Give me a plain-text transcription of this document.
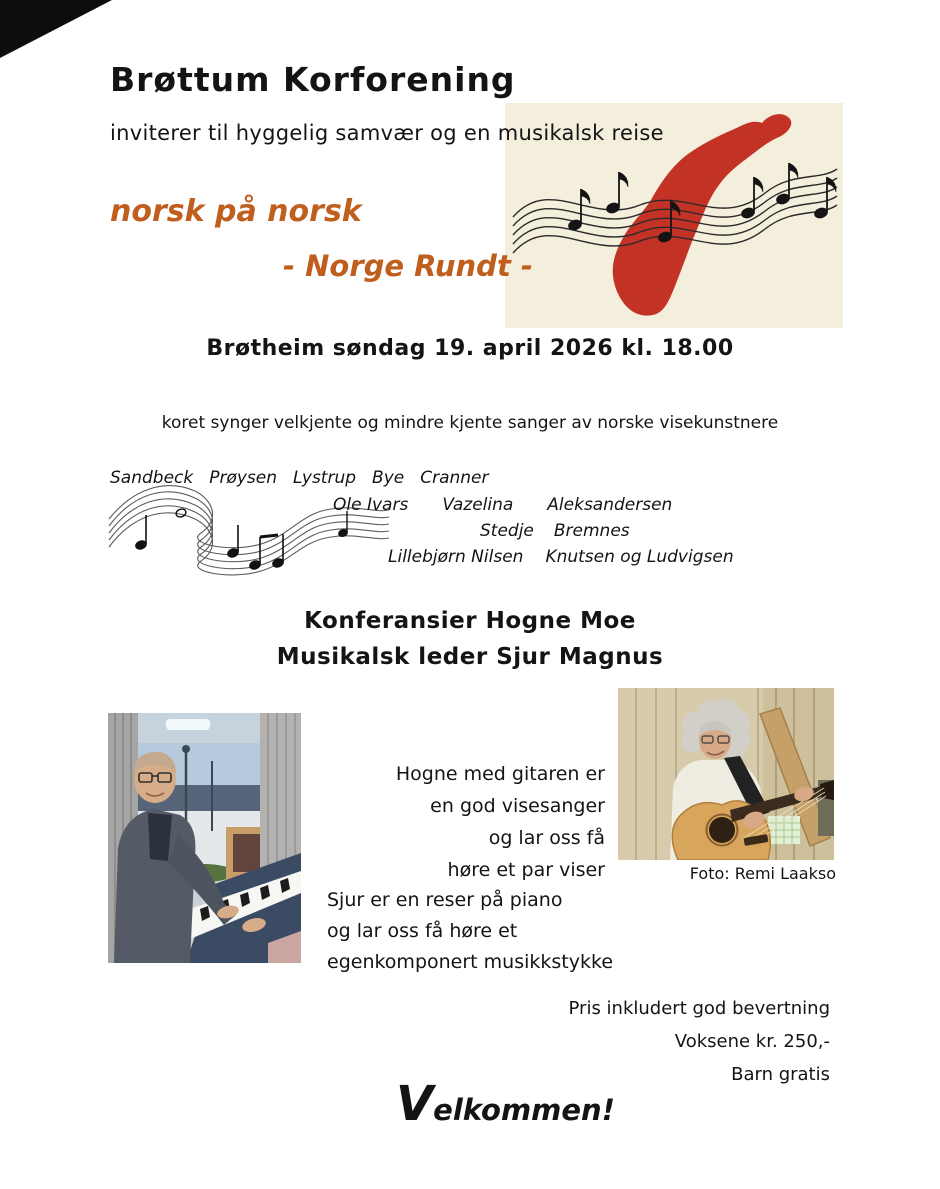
Brøttum Korforening
inviterer til hyggelig samvær og en musikalsk reise
norsk på norsk
- Norge Rundt -
Brøtheim søndag 19. april 2026 kl. 18.00
koret synger velkjente og mindre kjente sanger av norske visekunstnere
Sandbeck Prøysen Lystrup Bye Cranner
Ole Ivars Vazelina Aleksandersen
Stedje Bremnes
Lillebjørn Nilsen Knutsen og Ludvigsen
Konferansier Hogne Moe
Musikalsk leder Sjur Magnus
Hogne med gitaren er
en god visesanger
og lar oss få
høre et par viser	Foto: Remi Laakso
Sjur er en reser på piano
og lar oss få høre et
egenkomponert musikkstykke
Pris inkludert god bevertning
Voksene kr. 250,-
Barn gratis
Velkommen!
